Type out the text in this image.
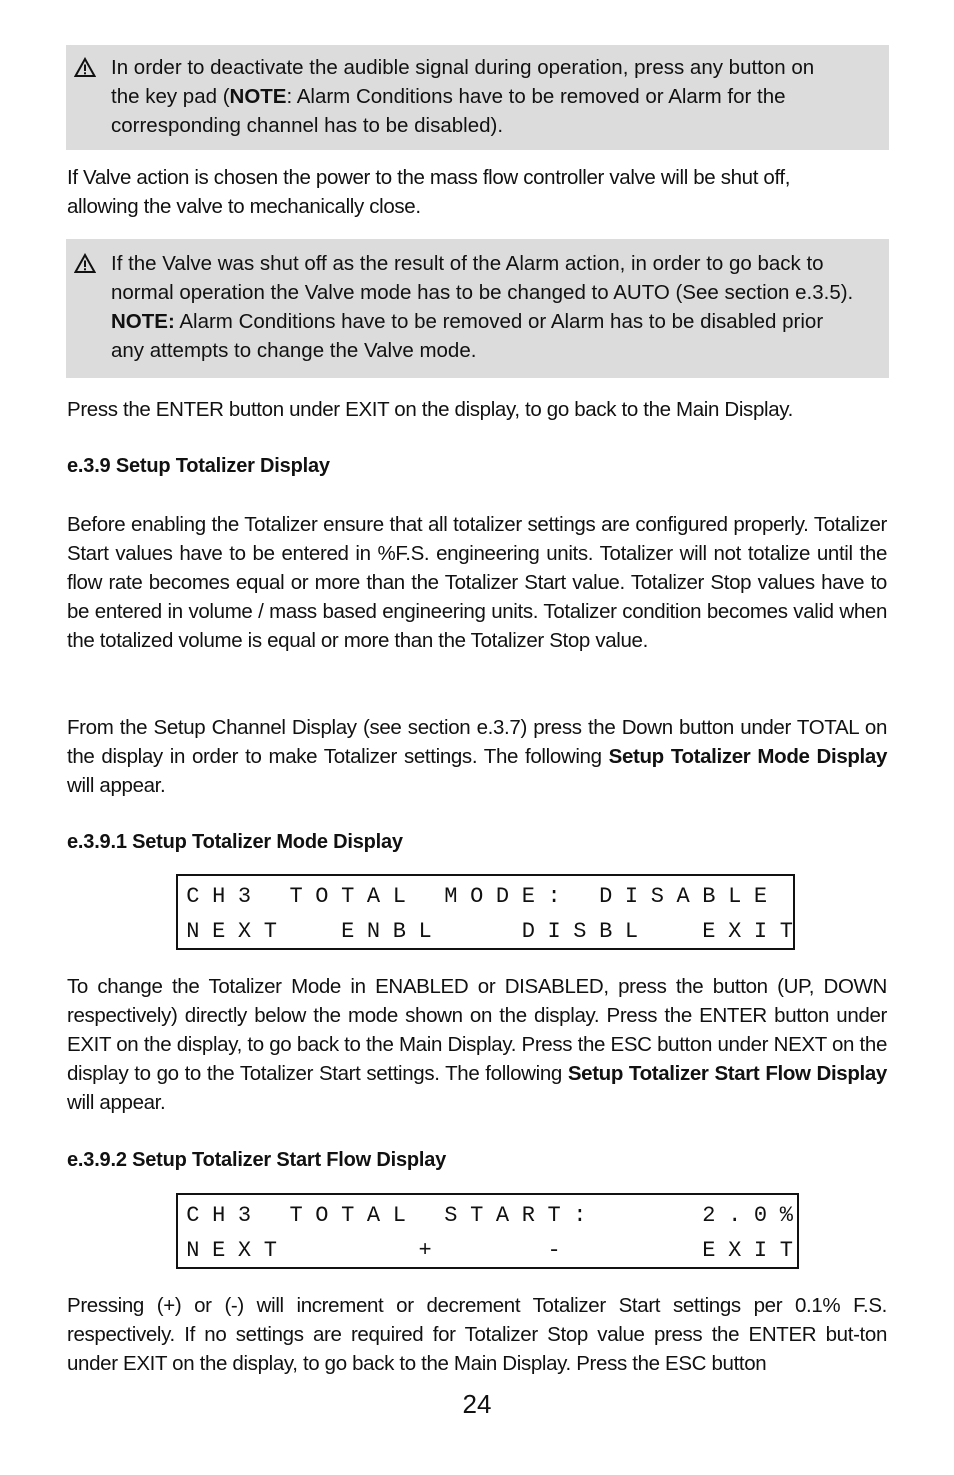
In order to deactivate the audible signal during operation, press any button on
the key pad (NOTE: Alarm Conditions have to be removed or Alarm for the
corresponding channel has to be disabled).
If Valve action is chosen the power to the mass flow controller valve will be shut off,
allowing the valve to mechanically close.
If the Valve was shut off as the result of the Alarm action, in order to go back to
normal operation the Valve mode has to be changed to AUTO (See section e.3.5).
NOTE: Alarm Conditions have to be removed or Alarm has to be disabled prior
any attempts to change the Valve mode.
Press the ENTER button under EXIT on the display, to go back to the Main Display.
e.3.9 Setup Totalizer Display
Before enabling the Totalizer ensure that all totalizer settings are configured properly. Totalizer Start values have to be entered in %F.S. engineering units. Totalizer will not totalize until the flow rate becomes equal or more than the Totalizer Start value. Totalizer Stop values have to be entered in volume / mass based engineering units. Totalizer condition becomes valid when the totalized volume is equal or more than the Totalizer Stop value.
From the Setup Channel Display (see section e.3.7) press the Down button under TOTAL on the display in order to make Totalizer settings. The following Setup Totalizer Mode Display will appear.
e.3.9.1 Setup Totalizer Mode Display
C H 3 T O T A L M O D E : D I S A B L E
N E X T	E N B L	D I S B L	E X I T
To change the Totalizer Mode in ENABLED or DISABLED, press the button (UP, DOWN respectively) directly below the mode shown on the display. Press the ENTER button under EXIT on the display, to go back to the Main Display. Press the ESC button under NEXT on the display to go to the Totalizer Start settings. The following Setup Totalizer Start Flow Display will appear.
e.3.9.2 Setup Totalizer Start Flow Display
C H 3 T O T A L S T A R T :	2 . 0 %
N E X T	+	-	E X I T
Pressing (+) or (-) will increment or decrement Totalizer Start settings per 0.1% F.S. respectively. If no settings are required for Totalizer Stop value press the ENTER but-ton under EXIT on the display, to go back to the Main Display. Press the ESC button
24
